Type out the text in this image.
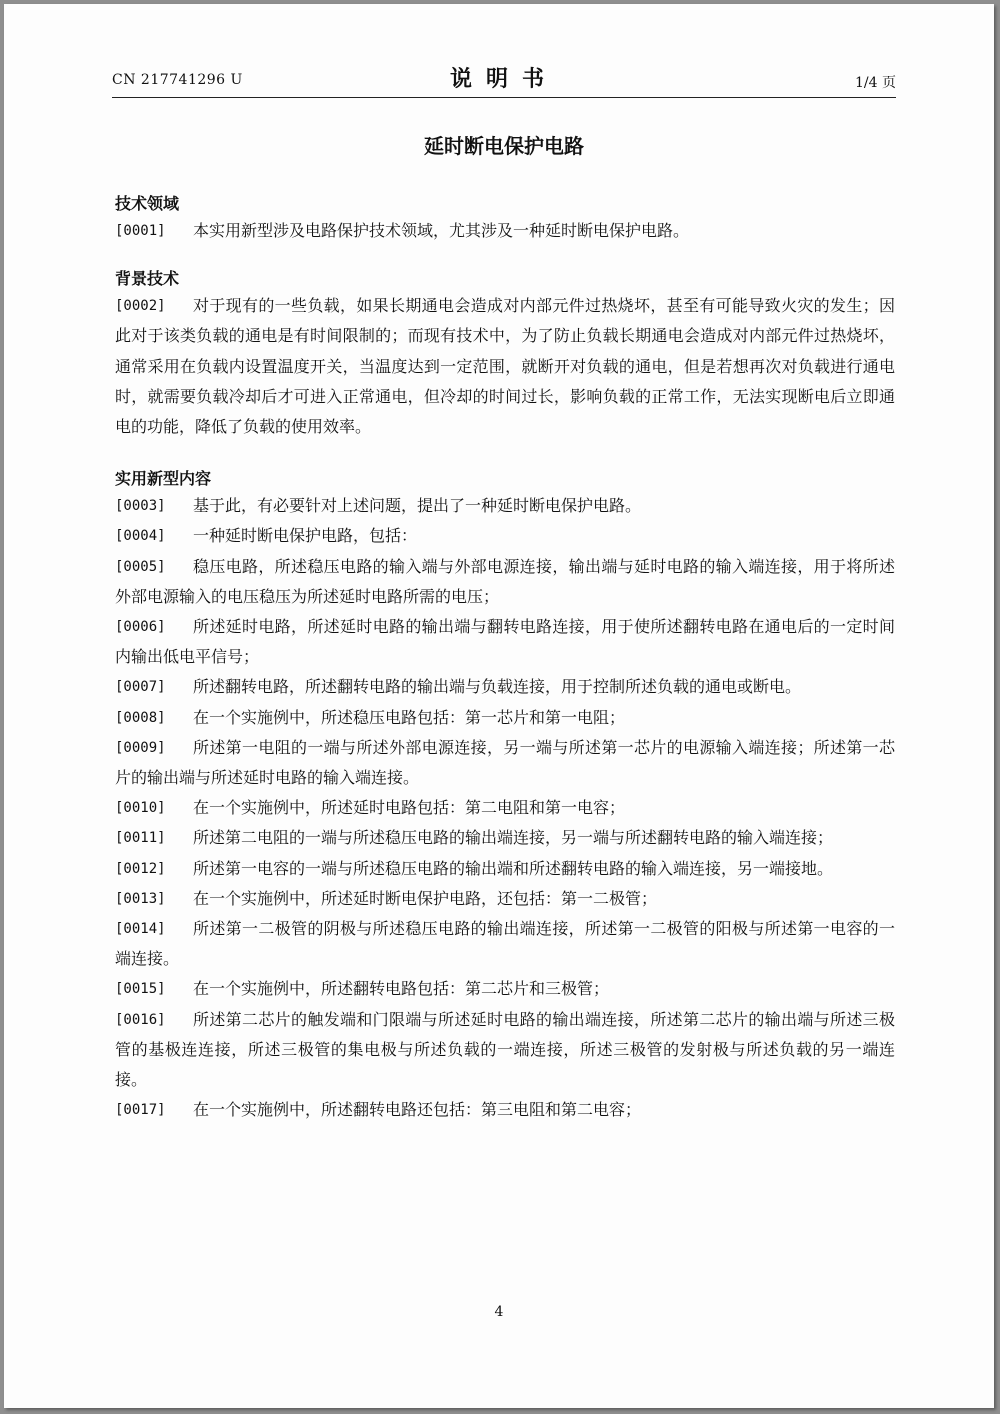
CN 217741296 U	说明书	1/4 页
延时断电保护电路
技术领域
[0001] 本实用新型涉及电路保护技术领域，尤其涉及一种延时断电保护电路。
背景技术
[0002] 对于现有的一些负载，如果长期通电会造成对内部元件过热烧坏，甚至有可能导致火灾的发生；因此对于该类负载的通电是有时间限制的；而现有技术中，为了防止负载长期通电会造成对内部元件过热烧坏，通常采用在负载内设置温度开关，当温度达到一定范围，就断开对负载的通电，但是若想再次对负载进行通电时，就需要负载冷却后才可进入正常通电，但冷却的时间过长，影响负载的正常工作，无法实现断电后立即通电的功能，降低了负载的使用效率。
实用新型内容
[0003] 基于此，有必要针对上述问题，提出了一种延时断电保护电路。
[0004] 一种延时断电保护电路，包括：
[0005] 稳压电路，所述稳压电路的输入端与外部电源连接，输出端与延时电路的输入端连接，用于将所述外部电源输入的电压稳压为所述延时电路所需的电压；
[0006] 所述延时电路，所述延时电路的输出端与翻转电路连接，用于使所述翻转电路在通电后的一定时间内输出低电平信号；
[0007] 所述翻转电路，所述翻转电路的输出端与负载连接，用于控制所述负载的通电或断电。
[0008] 在一个实施例中，所述稳压电路包括：第一芯片和第一电阻；
[0009] 所述第一电阻的一端与所述外部电源连接，另一端与所述第一芯片的电源输入端连接；所述第一芯片的输出端与所述延时电路的输入端连接。
[0010] 在一个实施例中，所述延时电路包括：第二电阻和第一电容；
[0011] 所述第二电阻的一端与所述稳压电路的输出端连接，另一端与所述翻转电路的输入端连接；
[0012] 所述第一电容的一端与所述稳压电路的输出端和所述翻转电路的输入端连接，另一端接地。
[0013] 在一个实施例中，所述延时断电保护电路，还包括：第一二极管；
[0014] 所述第一二极管的阴极与所述稳压电路的输出端连接，所述第一二极管的阳极与所述第一电容的一端连接。
[0015] 在一个实施例中，所述翻转电路包括：第二芯片和三极管；
[0016] 所述第二芯片的触发端和门限端与所述延时电路的输出端连接，所述第二芯片的输出端与所述三极管的基极连连接，所述三极管的集电极与所述负载的一端连接，所述三极管的发射极与所述负载的另一端连接。
[0017] 在一个实施例中，所述翻转电路还包括：第三电阻和第二电容；
4
